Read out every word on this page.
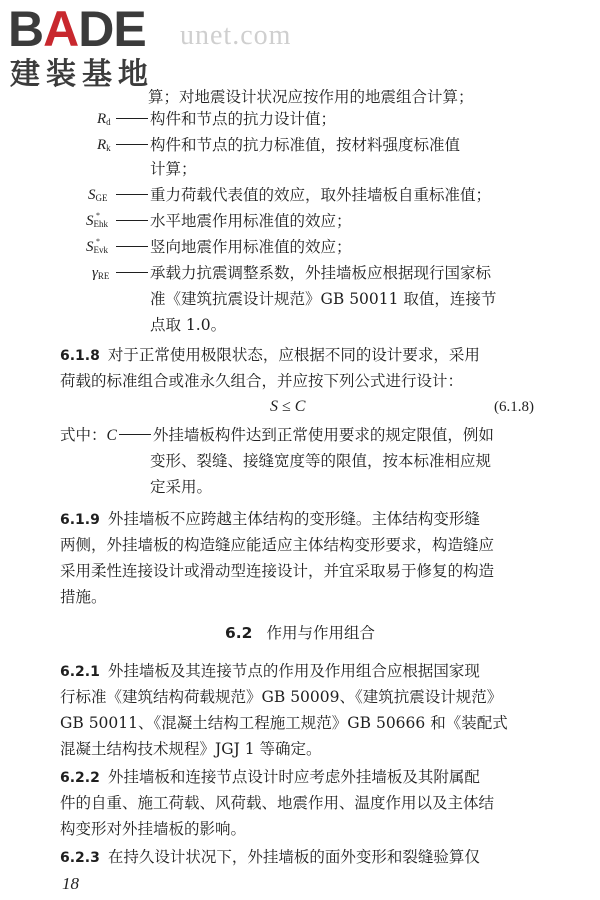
BADE
建装基地
unet.com
算；对地震设计状况应按作用的地震组合计算；
$R_d$	构件和节点的抗力设计值；
$R_k$	构件和节点的抗力标准值，按材料强度标准值
计算；
$S_{GE}$	重力荷载代表值的效应，取外挂墙板自重标准值；
$S_{Ehk}^*$	水平地震作用标准值的效应；
$S_{Evk}^*$	竖向地震作用标准值的效应；
$\gamma_{RE}$	承载力抗震调整系数，外挂墙板应根据现行国家标
准《建筑抗震设计规范》GB 50011 取值，连接节
点取 1.0。
6.1.8 对于正常使用极限状态，应根据不同的设计要求，采用
荷载的标准组合或准永久组合，并应按下列公式进行设计：
S ≤ C	(6.1.8)
式中：C 外挂墙板构件达到正常使用要求的规定限值，例如
变形、裂缝、接缝宽度等的限值，按本标准相应规
定采用。
6.1.9 外挂墙板不应跨越主体结构的变形缝。主体结构变形缝
两侧，外挂墙板的构造缝应能适应主体结构变形要求，构造缝应
采用柔性连接设计或滑动型连接设计，并宜采取易于修复的构造
措施。
6.2 作用与作用组合
6.2.1 外挂墙板及其连接节点的作用及作用组合应根据国家现
行标准《建筑结构荷载规范》GB 50009、《建筑抗震设计规范》
GB 50011、《混凝土结构工程施工规范》GB 50666 和《装配式
混凝土结构技术规程》JGJ 1 等确定。
6.2.2 外挂墙板和连接节点设计时应考虑外挂墙板及其附属配
件的自重、施工荷载、风荷载、地震作用、温度作用以及主体结
构变形对外挂墙板的影响。
6.2.3 在持久设计状况下，外挂墙板的面外变形和裂缝验算仅
18
